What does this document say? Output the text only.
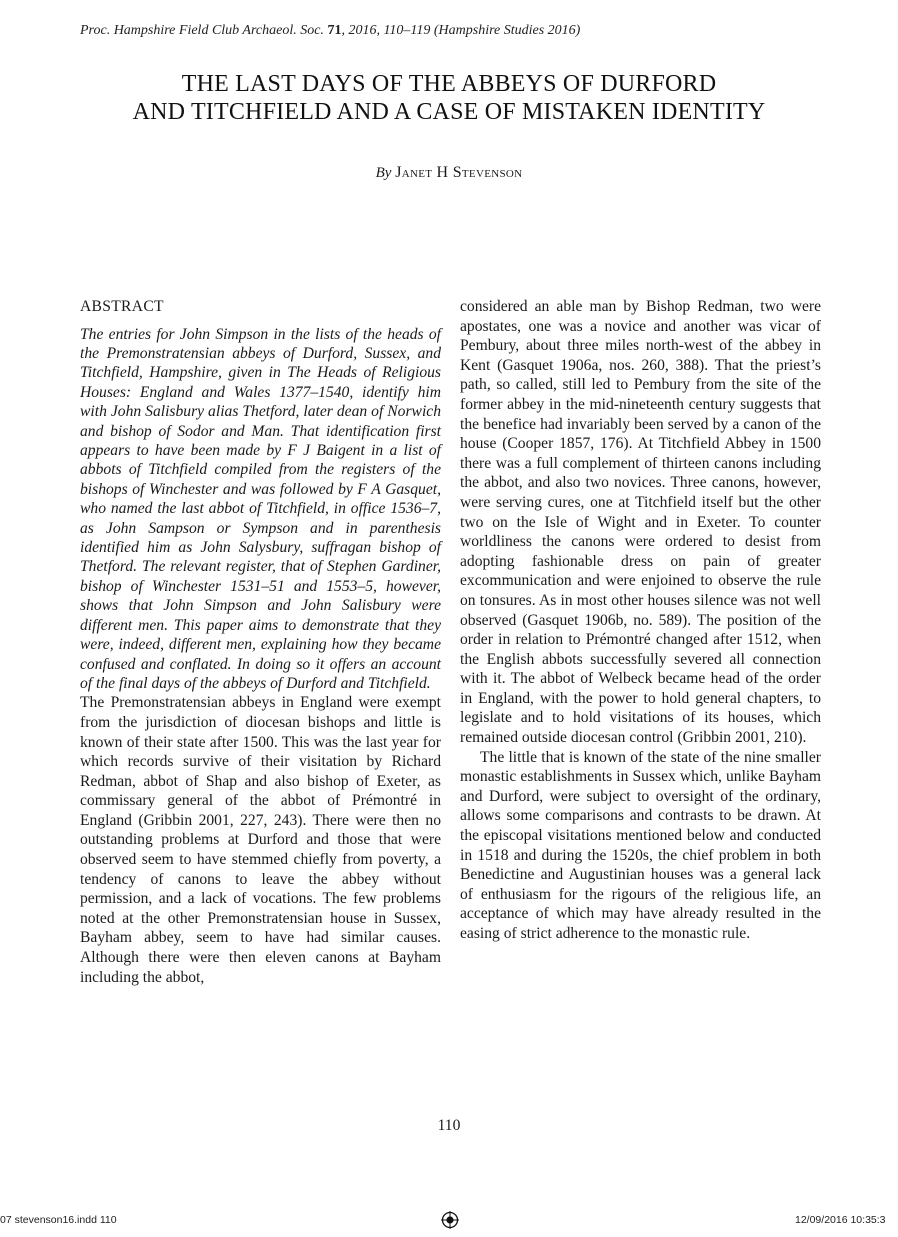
Proc. Hampshire Field Club Archaeol. Soc. 71, 2016, 110–119 (Hampshire Studies 2016)
THE LAST DAYS OF THE ABBEYS OF DURFORD
AND TITCHFIELD AND A CASE OF MISTAKEN IDENTITY
By Janet H Stevenson
ABSTRACT

The entries for John Simpson in the lists of the heads of the Premonstratensian abbeys of Durford, Sussex, and Titchfield, Hampshire, given in The Heads of Religious Houses: England and Wales 1377–1540, identify him with John Salisbury alias Thetford, later dean of Norwich and bishop of Sodor and Man. That identification first appears to have been made by F J Baigent in a list of abbots of Titchfield compiled from the registers of the bishops of Winchester and was followed by F A Gasquet, who named the last abbot of Titchfield, in office 1536–7, as John Sampson or Sympson and in parenthesis identified him as John Salysbury, suffragan bishop of Thetford. The relevant register, that of Stephen Gardiner, bishop of Winchester 1531–51 and 1553–5, however, shows that John Simpson and John Salisbury were different men. This paper aims to demonstrate that they were, indeed, different men, explaining how they became confused and conflated. In doing so it offers an account of the final days of the abbeys of Durford and Titchfield.

The Premonstratensian abbeys in England were exempt from the jurisdiction of diocesan bishops and little is known of their state after 1500. This was the last year for which records survive of their visitation by Richard Redman, abbot of Shap and also bishop of Exeter, as commissary general of the abbot of Prémontré in England (Gribbin 2001, 227, 243). There were then no outstanding problems at Durford and those that were observed seem to have stemmed chiefly from poverty, a tendency of canons to leave the abbey without permission, and a lack of vocations. The few problems noted at the other Premonstratensian house in Sussex, Bayham abbey, seem to have had similar causes. Although there were then eleven canons at Bayham including the abbot,

considered an able man by Bishop Redman, two were apostates, one was a novice and another was vicar of Pembury, about three miles north-west of the abbey in Kent (Gasquet 1906a, nos. 260, 388). That the priest’s path, so called, still led to Pembury from the site of the former abbey in the mid-nineteenth century suggests that the benefice had invariably been served by a canon of the house (Cooper 1857, 176). At Titchfield Abbey in 1500 there was a full complement of thirteen canons including the abbot, and also two novices. Three canons, however, were serving cures, one at Titchfield itself but the other two on the Isle of Wight and in Exeter. To counter worldliness the canons were ordered to desist from adopting fashionable dress on pain of greater excommunication and were enjoined to observe the rule on tonsures. As in most other houses silence was not well observed (Gasquet 1906b, no. 589). The position of the order in relation to Prémontré changed after 1512, when the English abbots successfully severed all connection with it. The abbot of Welbeck became head of the order in England, with the power to hold general chapters, to legislate and to hold visitations of its houses, which remained outside diocesan control (Gribbin 2001, 210).

The little that is known of the state of the nine smaller monastic establishments in Sussex which, unlike Bayham and Durford, were subject to oversight of the ordinary, allows some comparisons and contrasts to be drawn. At the episcopal visitations mentioned below and conducted in 1518 and during the 1520s, the chief problem in both Benedictine and Augustinian houses was a general lack of enthusiasm for the rigours of the religious life, an acceptance of which may have already resulted in the easing of strict adherence to the monastic rule.

110
07 stevenson16.indd 110	12/09/2016 10:35:3
